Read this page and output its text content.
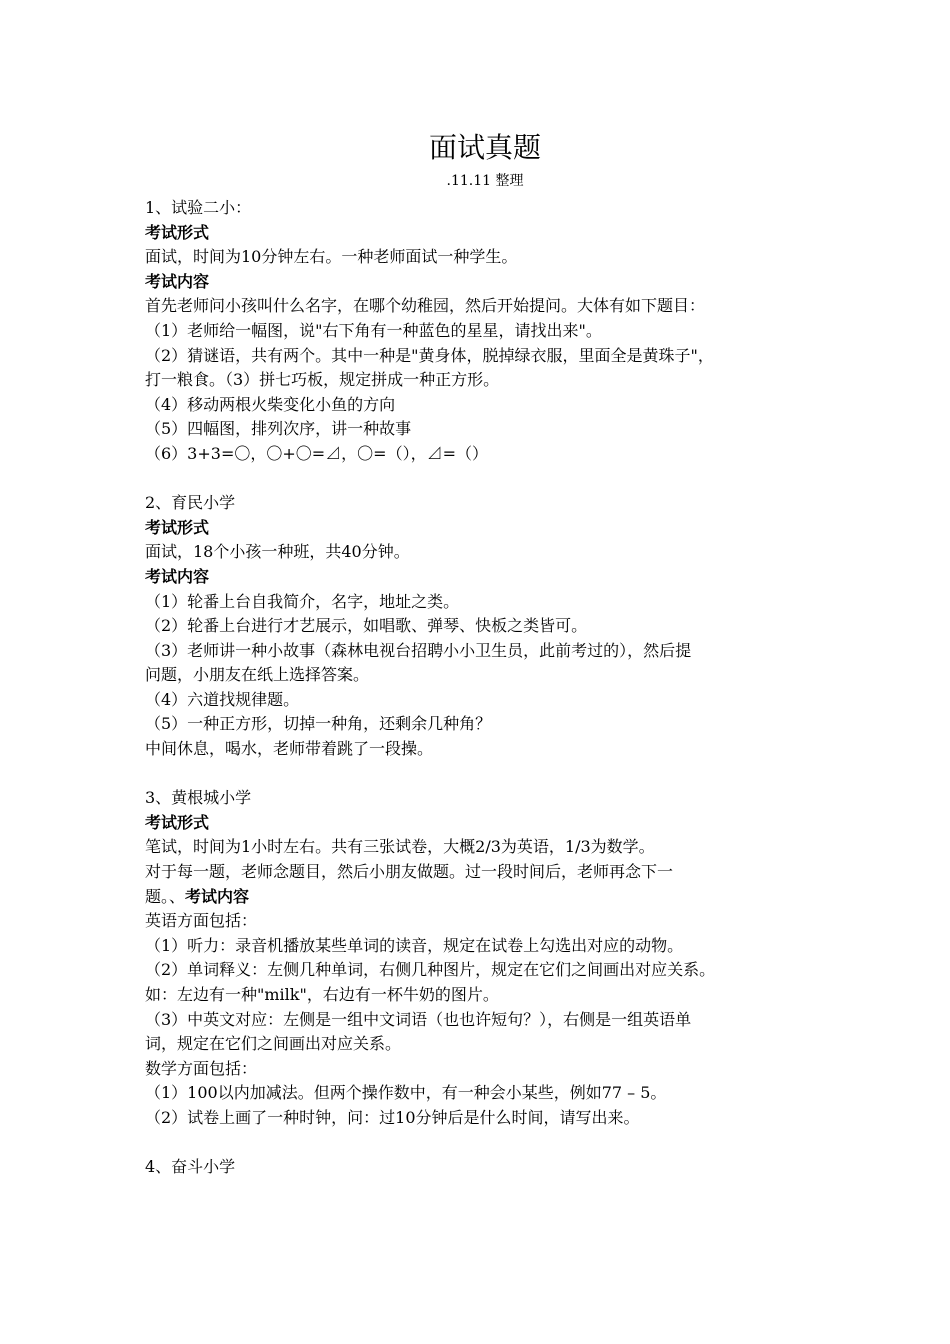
面试真题

.11.11 整理

1、试验二小：

考试形式

面试，时间为10分钟左右。一种老师面试一种学生。

考试内容

首先老师问小孩叫什么名字，在哪个幼稚园，然后开始提问。大体有如下题目：

（1）老师给一幅图，说"右下角有一种蓝色的星星，请找出来"。

（2）猜谜语，共有两个。其中一种是"黄身体，脱掉绿衣服，里面全是黄珠子"，

打一粮食。（3）拼七巧板，规定拼成一种正方形。

（4）移动两根火柴变化小鱼的方向

（5）四幅图，排列次序，讲一种故事

（6）3+3=〇，〇+〇=⊿，〇=（），⊿=（）

2、育民小学

考试形式

面试，18个小孩一种班，共40分钟。

考试内容

（1）轮番上台自我简介，名字，地址之类。

（2）轮番上台进行才艺展示，如唱歌、弹琴、快板之类皆可。

（3）老师讲一种小故事（森林电视台招聘小小卫生员，此前考过的），然后提

问题，小朋友在纸上选择答案。

（4）六道找规律题。

（5）一种正方形，切掉一种角，还剩余几种角？

中间休息，喝水，老师带着跳了一段操。

3、黄根城小学

考试形式

笔试，时间为1小时左右。共有三张试卷，大概2/3为英语，1/3为数学。

对于每一题，老师念题目，然后小朋友做题。过一段时间后，老师再念下一

题。、考试内容

英语方面包括：

（1）听力：录音机播放某些单词的读音，规定在试卷上勾选出对应的动物。

（2）单词释义：左侧几种单词，右侧几种图片，规定在它们之间画出对应关系。

如：左边有一种"milk"，右边有一杯牛奶的图片。

（3）中英文对应：左侧是一组中文词语（也也许短句？），右侧是一组英语单

词，规定在它们之间画出对应关系。

数学方面包括：

（1）100以内加减法。但两个操作数中，有一种会小某些，例如77 – 5。

（2）试卷上画了一种时钟，问：过10分钟后是什么时间，请写出来。

4、奋斗小学
